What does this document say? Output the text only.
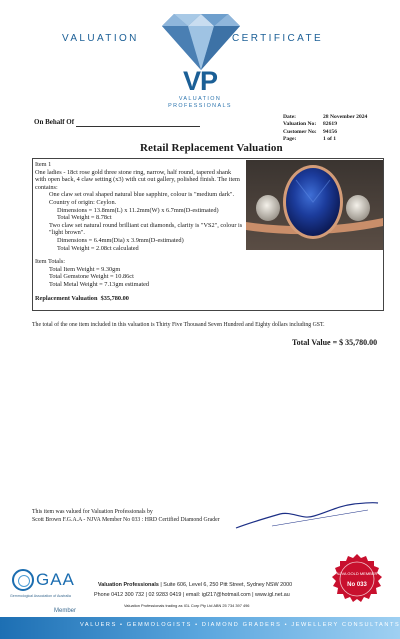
VALUATION	CERTIFICATE
VP
VALUATION
PROFESSIONALS
On Behalf Of
Date:	28 November 2024
Valuation No:	82619
Customer No:	94156
Page:	1 of 1
Retail Replacement Valuation
Item 1
One ladies - 18ct rose gold three stone ring, narrow, half round, tapered shank with open back, 4 claw setting (x3) with cut out gallery, polished finish. The item contains:
One claw set oval shaped natural blue sapphire, colour is "medium dark". Country of origin: Ceylon.
Dimensions = 13.8mm(L) x 11.2mm(W) x 6.7mm(D-estimated)
Total Weight = 8.78ct
Two claw set natural round brilliant cut diamonds, clarity is "VS2", colour is "light brown".
Dimensions = 6.4mm(Dia) x 3.9mm(D-estimated)
Total Weight = 2.08ct calculated
Item Totals:
Total Item Weight = 9.30gm
Total Gemstone Weight = 10.86ct
Total Metal Weight = 7.13gm estimated
Replacement Valuation $35,780.00
The total of the one item included in this valuation is Thirty Five Thousand Seven Hundred and Eighty dollars including GST.
Total Value = $ 35,780.00
This item was valued for Valuation Professionals by
Scott Brown F.G.A.A - NJVA Member No 033 : HRD Certified Diamond Grader
GAA
Gemmological Association of Australia
Member
Valuation Professionals | Suite 606, Level 6, 250 Pitt Street, Sydney NSW 2000
Phone 0412 300 732 | 02 9283 0419 | email: igl217@hotmail.com | www.igl.net.au
Valuation Professionals trading as IGL Corp Pty Ltd ABN 25 734 397 496
NJVA GOLD MEMBER
No 033
VALUERS • GEMMOLOGISTS • DIAMOND GRADERS • JEWELLERY CONSULTANTS
